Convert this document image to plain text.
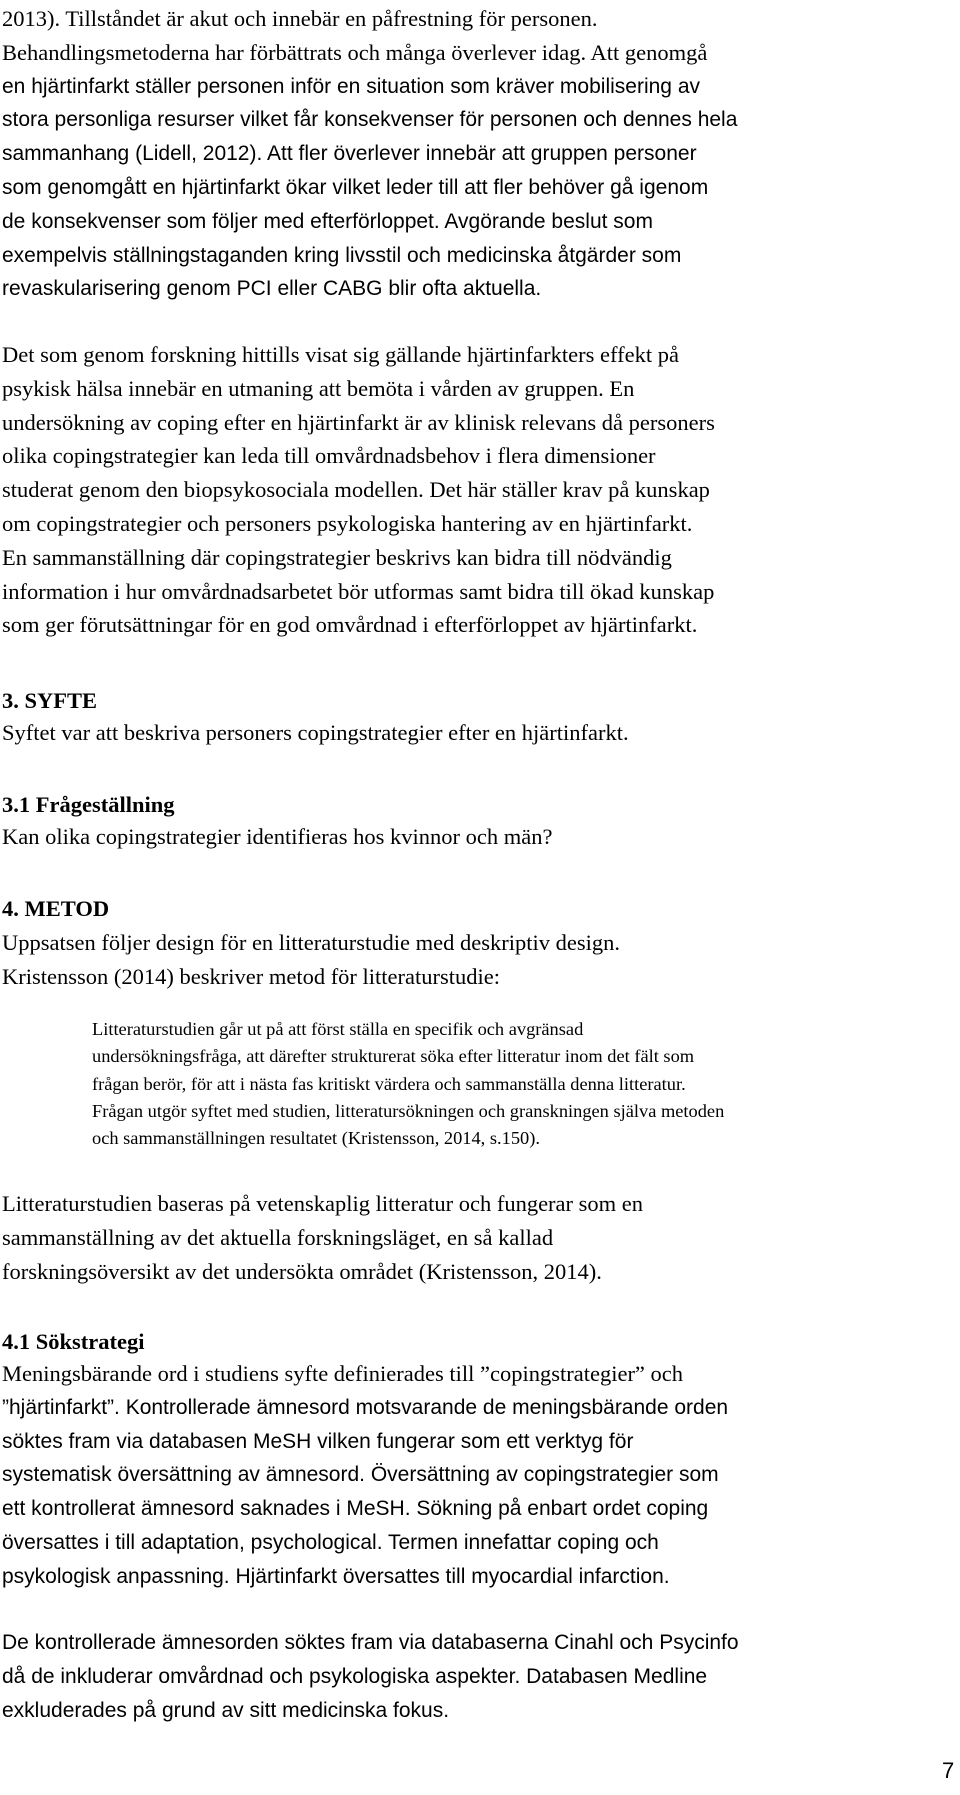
2013). Tillståndet är akut och innebär en påfrestning för personen.
Behandlingsmetoderna har förbättrats och många överlever idag. Att genomgå
en hjärtinfarkt ställer personen inför en situation som kräver mobilisering av
stora personliga resurser vilket får konsekvenser för personen och dennes hela
sammanhang (Lidell, 2012). Att fler överlever innebär att gruppen personer
som genomgått en hjärtinfarkt ökar vilket leder till att fler behöver gå igenom
de konsekvenser som följer med efterförloppet. Avgörande beslut som
exempelvis ställningstaganden kring livsstil och medicinska åtgärder som
revaskularisering genom PCI eller CABG blir ofta aktuella.
Det som genom forskning hittills visat sig gällande hjärtinfarkters effekt på
psykisk hälsa innebär en utmaning att bemöta i vården av gruppen. En
undersökning av coping efter en hjärtinfarkt är av klinisk relevans då personers
olika copingstrategier kan leda till omvårdnadsbehov i flera dimensioner
studerat genom den biopsykosociala modellen. Det här ställer krav på kunskap
om copingstrategier och personers psykologiska hantering av en hjärtinfarkt.
En sammanställning där copingstrategier beskrivs kan bidra till nödvändig
information i hur omvårdnadsarbetet bör utformas samt bidra till ökad kunskap
som ger förutsättningar för en god omvårdnad i efterförloppet av hjärtinfarkt.
3. SYFTE
Syftet var att beskriva personers copingstrategier efter en hjärtinfarkt.
3.1 Frågeställning
Kan olika copingstrategier identifieras hos kvinnor och män?
4. METOD
Uppsatsen följer design för en litteraturstudie med deskriptiv design.
Kristensson (2014) beskriver metod för litteraturstudie:
Litteraturstudien går ut på att först ställa en specifik och avgränsad
undersökningsfråga, att därefter strukturerat söka efter litteratur inom det fält som
frågan berör, för att i nästa fas kritiskt värdera och sammanställa denna litteratur.
Frågan utgör syftet med studien, litteratursökningen och granskningen själva metoden
och sammanställningen resultatet (Kristensson, 2014, s.150).
Litteraturstudien baseras på vetenskaplig litteratur och fungerar som en
sammanställning av det aktuella forskningsläget, en så kallad
forskningsöversikt av det undersökta området (Kristensson, 2014).
4.1 Sökstrategi
Meningsbärande ord i studiens syfte definierades till ”copingstrategier” och
”hjärtinfarkt”. Kontrollerade ämnesord motsvarande de meningsbärande orden
söktes fram via databasen MeSH vilken fungerar som ett verktyg för
systematisk översättning av ämnesord. Översättning av copingstrategier som
ett kontrollerat ämnesord saknades i MeSH. Sökning på enbart ordet coping
översattes i till adaptation, psychological. Termen innefattar coping och
psykologisk anpassning. Hjärtinfarkt översattes till myocardial infarction.
De kontrollerade ämnesorden söktes fram via databaserna Cinahl och Psycinfo
då de inkluderar omvårdnad och psykologiska aspekter. Databasen Medline
exkluderades på grund av sitt medicinska fokus.
7
